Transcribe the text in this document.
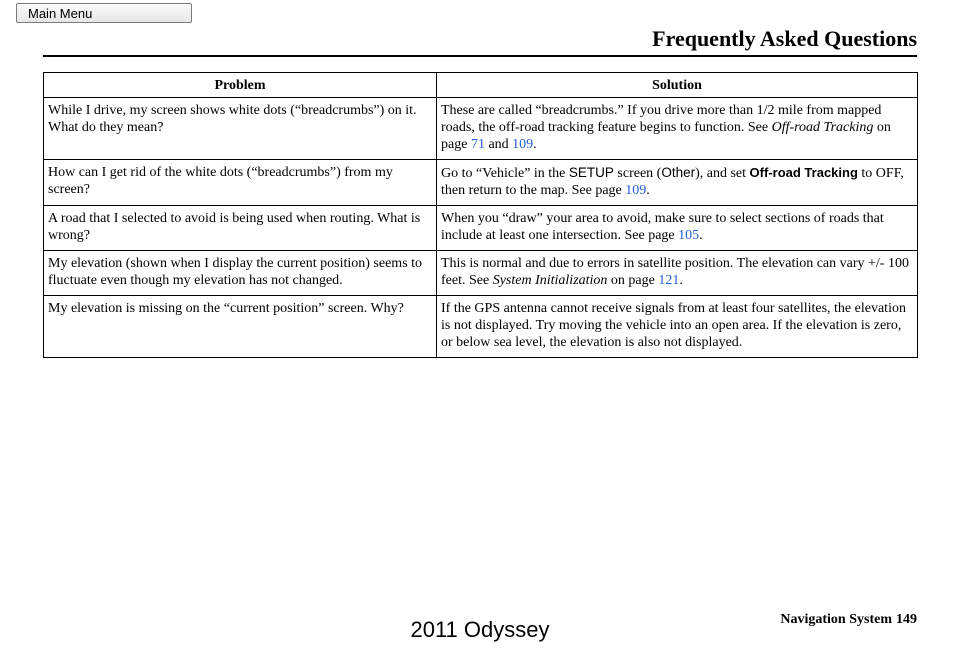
Main Menu
Frequently Asked Questions
Problem	Solution
While I drive, my screen shows white dots (“breadcrumbs”) on it. What do they mean?	These are called “breadcrumbs.” If you drive more than 1/2 mile from mapped roads, the off-road tracking feature begins to function. See Off-road Tracking on page 71 and 109.
How can I get rid of the white dots (“breadcrumbs”) from my screen?	Go to “Vehicle” in the SETUP screen (Other), and set Off-road Tracking to OFF, then return to the map. See page 109.
A road that I selected to avoid is being used when routing. What is wrong?	When you “draw” your area to avoid, make sure to select sections of roads that include at least one intersection. See page 105.
My elevation (shown when I display the current position) seems to fluctuate even though my elevation has not changed.	This is normal and due to errors in satellite position. The elevation can vary +/- 100 feet. See System Initialization on page 121.
My elevation is missing on the “current position” screen. Why?	If the GPS antenna cannot receive signals from at least four satellites, the elevation is not displayed. Try moving the vehicle into an open area. If the elevation is zero, or below sea level, the elevation is also not displayed.
Navigation System 149
2011 Odyssey
